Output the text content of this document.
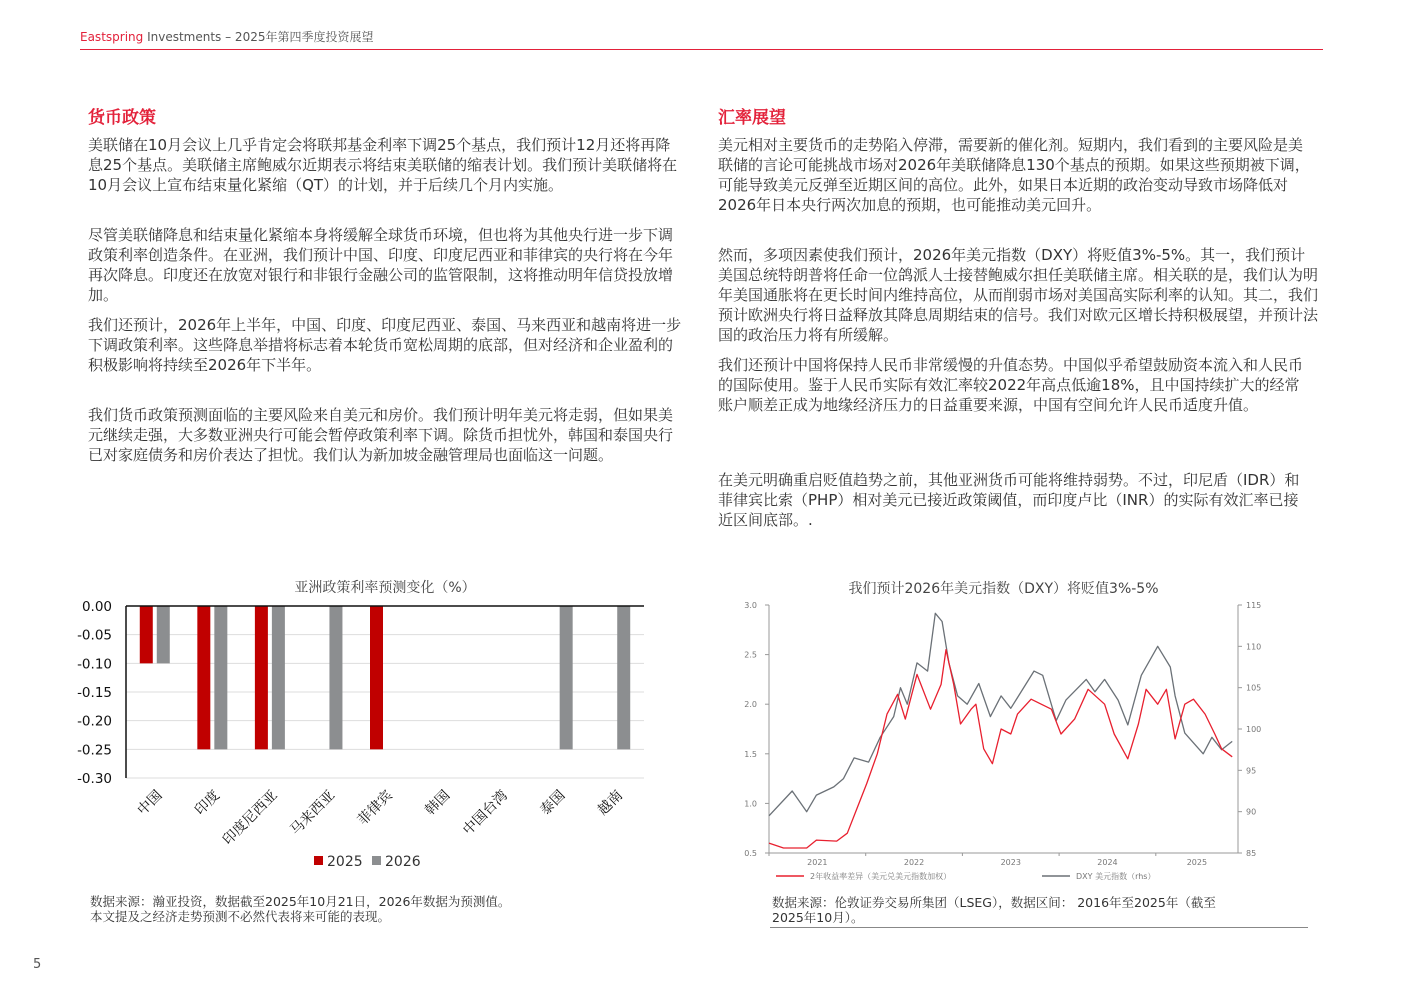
Eastspring Investments – 2025年第四季度投资展望
货币政策
美联储在10月会议上几乎肯定会将联邦基金利率下调25个基点，我们预计12月还将再降息25个基点。美联储主席鲍威尔近期表示将结束美联储的缩表计划。我们预计美联储将在10月会议上宣布结束量化紧缩（QT）的计划，并于后续几个月内实施。
尽管美联储降息和结束量化紧缩本身将缓解全球货币环境，但也将为其他央行进一步下调政策利率创造条件。在亚洲，我们预计中国、印度、印度尼西亚和菲律宾的央行将在今年再次降息。印度还在放宽对银行和非银行金融公司的监管限制，这将推动明年信贷投放增加。
我们还预计，2026年上半年，中国、印度、印度尼西亚、泰国、马来西亚和越南将进一步下调政策利率。这些降息举措将标志着本轮货币宽松周期的底部，但对经济和企业盈利的积极影响将持续至2026年下半年。
我们货币政策预测面临的主要风险来自美元和房价。我们预计明年美元将走弱，但如果美元继续走强，大多数亚洲央行可能会暂停政策利率下调。除货币担忧外，韩国和泰国央行已对家庭债务和房价表达了担忧。我们认为新加坡金融管理局也面临这一问题。
汇率展望
美元相对主要货币的走势陷入停滞，需要新的催化剂。短期内，我们看到的主要风险是美联储的言论可能挑战市场对2026年美联储降息130个基点的预期。如果这些预期被下调，可能导致美元反弹至近期区间的高位。此外，如果日本近期的政治变动导致市场降低对2026年日本央行两次加息的预期，也可能推动美元回升。
然而，多项因素使我们预计，2026年美元指数（DXY）将贬值3%-5%。其一，我们预计美国总统特朗普将任命一位鸽派人士接替鲍威尔担任美联储主席。相关联的是，我们认为明年美国通胀将在更长时间内维持高位，从而削弱市场对美国高实际利率的认知。其二，我们预计欧洲央行将日益释放其降息周期结束的信号。我们对欧元区增长持积极展望，并预计法国的政治压力将有所缓解。
我们还预计中国将保持人民币非常缓慢的升值态势。中国似乎希望鼓励资本流入和人民币的国际使用。鉴于人民币实际有效汇率较2022年高点低逾18%，且中国持续扩大的经常账户顺差正成为地缘经济压力的日益重要来源，中国有空间允许人民币适度升值。
在美元明确重启贬值趋势之前，其他亚洲货币可能将维持弱势。不过，印尼盾（IDR）和菲律宾比索（PHP）相对美元已接近政策阈值，而印度卢比（INR）的实际有效汇率已接近区间底部。.
亚洲政策利率预测变化（%）
0.00
-0.05
-0.10
-0.15
-0.20
-0.25
-0.30
中国 印度
印度尼西亚 马来西亚 菲律宾 韩国 中国台湾 泰国 越南
2025 2026
我们预计2026年美元指数（DXY）将贬值3%-5%
3.0
2.5
2.0
1.5
1.0
0.5
115
110
105
100
95
90
85
2021	2022	2023	2024	2025
2年收益率差异（美元兑美元指数加权）	DXY 美元指数（rhs）
数据来源：瀚亚投资，数据截至2025年10月21日，2026年数据为预测值。
本文提及之经济走势预测不必然代表将来可能的表现。
数据来源：伦敦证券交易所集团（LSEG），数据区间： 2016年至2025年（截至
2025年10月）。
5
